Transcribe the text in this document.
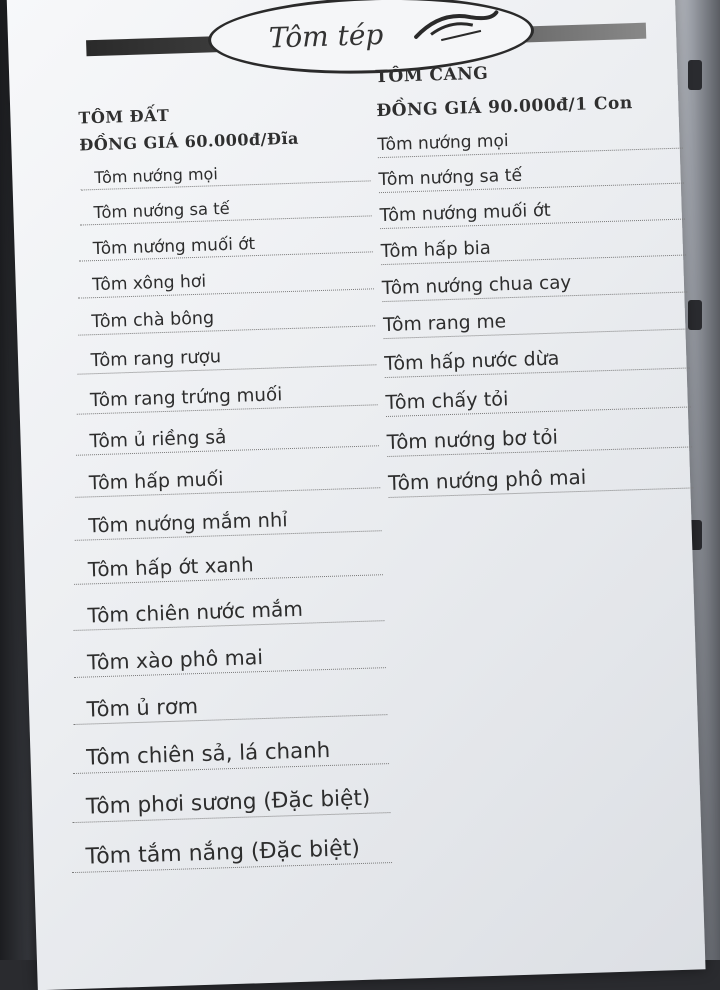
Tôm tép
TÔM ĐẤT
ĐỒNG GIÁ 60.000đ/Đĩa
Tôm nướng mọi
Tôm nướng sa tế
Tôm nướng muối ớt
Tôm xông hơi
Tôm chà bông
Tôm rang rượu
Tôm rang trứng muối
Tôm ủ riềng sả
Tôm hấp muối
Tôm nướng mắm nhỉ
Tôm hấp ớt xanh
Tôm chiên nước mắm
Tôm xào phô mai
Tôm ủ rơm
Tôm chiên sả, lá chanh
Tôm phơi sương (Đặc biệt)
Tôm tắm nắng (Đặc biệt)
TÔM CÀNG
ĐỒNG GIÁ 90.000đ/1 Con
Tôm nướng mọi
Tôm nướng sa tế
Tôm nướng muối ớt
Tôm hấp bia
Tôm nướng chua cay
Tôm rang me
Tôm hấp nước dừa
Tôm chấy tỏi
Tôm nướng bơ tỏi
Tôm nướng phô mai
